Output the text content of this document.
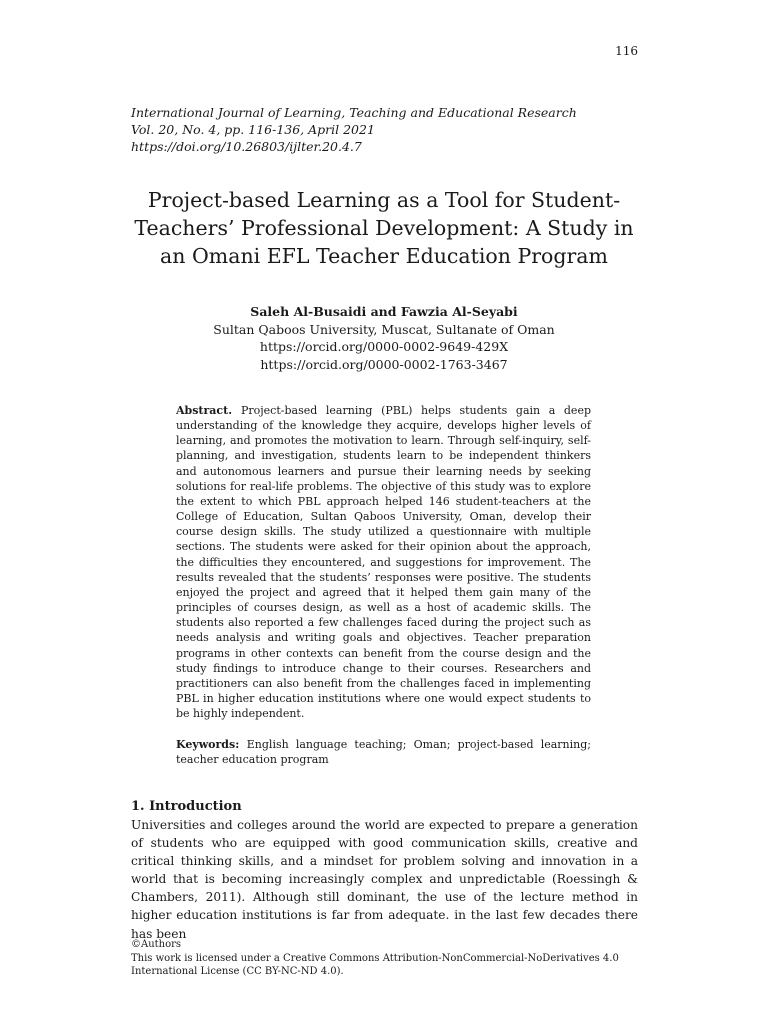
116
International Journal of Learning, Teaching and Educational Research
Vol. 20, No. 4, pp. 116-136, April 2021
https://doi.org/10.26803/ijlter.20.4.7
Project-based Learning as a Tool for Student-
Teachers’ Professional Development: A Study in
an Omani EFL Teacher Education Program
Saleh Al-Busaidi and Fawzia Al-Seyabi
Sultan Qaboos University, Muscat, Sultanate of Oman
https://orcid.org/0000-0002-9649-429X
https://orcid.org/0000-0002-1763-3467
Abstract. Project-based learning (PBL) helps students gain a deep understanding of the knowledge they acquire, develops higher levels of learning, and promotes the motivation to learn. Through self-inquiry, self-planning, and investigation, students learn to be independent thinkers and autonomous learners and pursue their learning needs by seeking solutions for real-life problems. The objective of this study was to explore the extent to which PBL approach helped 146 student-teachers at the College of Education, Sultan Qaboos University, Oman, develop their course design skills. The study utilized a questionnaire with multiple sections. The students were asked for their opinion about the approach, the difficulties they encountered, and suggestions for improvement. The results revealed that the students’ responses were positive. The students enjoyed the project and agreed that it helped them gain many of the principles of courses design, as well as a host of academic skills. The students also reported a few challenges faced during the project such as needs analysis and writing goals and objectives. Teacher preparation programs in other contexts can benefit from the course design and the study findings to introduce change to their courses. Researchers and practitioners can also benefit from the challenges faced in implementing PBL in higher education institutions where one would expect students to be highly independent.
Keywords: English language teaching; Oman; project-based learning; teacher education program
1. Introduction
Universities and colleges around the world are expected to prepare a generation of students who are equipped with good communication skills, creative and critical thinking skills, and a mindset for problem solving and innovation in a world that is becoming increasingly complex and unpredictable (Roessingh & Chambers, 2011). Although still dominant, the use of the lecture method in higher education institutions is far from adequate. in the last few decades there has been
©Authors
This work is licensed under a Creative Commons Attribution-NonCommercial-NoDerivatives 4.0
International License (CC BY-NC-ND 4.0).
